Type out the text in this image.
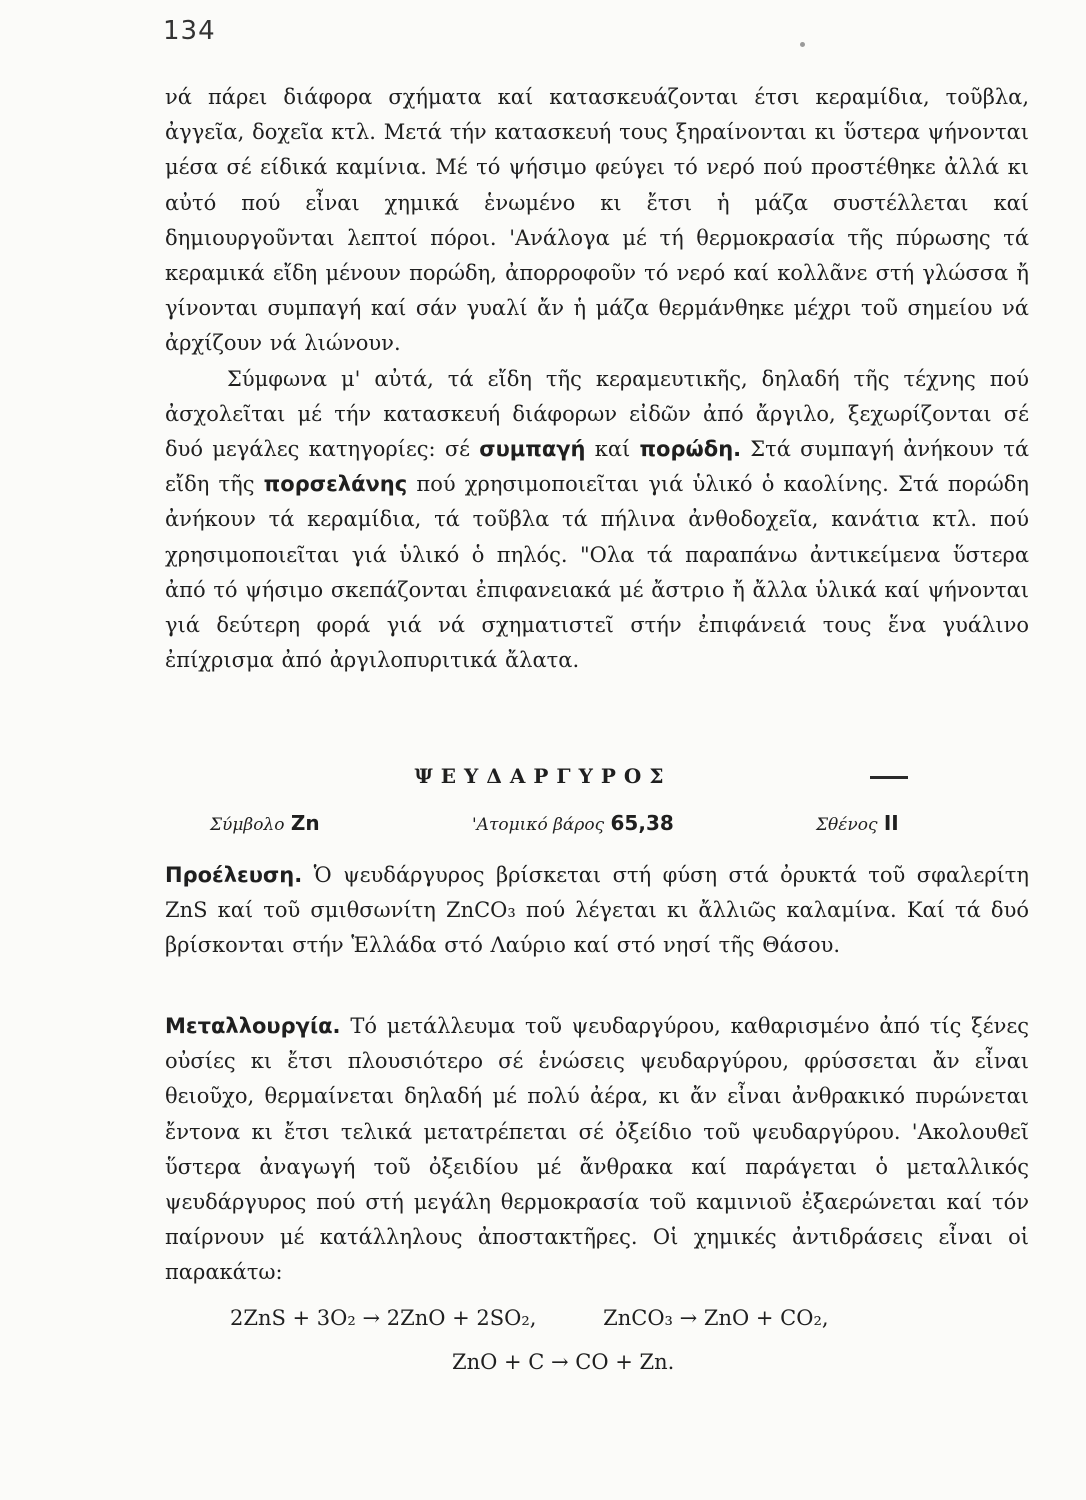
134
νά πάρει διάφορα σχήματα καί κατασκευάζονται έτσι κεραμίδια, τοῦβλα, ἀγγεῖα, δοχεῖα κτλ. Μετά τήν κατασκευή τους ξηραίνονται κι ὕστερα ψήνονται μέσα σέ είδικά καμίνια. Μέ τό ψήσιμο φεύγει τό νερό πού προστέθηκε ἀλλά κι αὐτό πού εἶναι χημικά ἑνωμένο κι ἔτσι ἡ μάζα συστέλλεται καί δημιουργοῦνται λεπτοί πόροι. 'Ανάλογα μέ τή θερμοκρασία τῆς πύρωσης τά κεραμικά εἴδη μένουν πορώδη, ἀπορροφοῦν τό νερό καί κολλᾶνε στή γλώσσα ἤ γίνονται συμπαγή καί σάν γυαλί ἄν ἡ μάζα θερμάνθηκε μέχρι τοῦ σημείου νά ἀρχίζουν νά λιώνουν.
Σύμφωνα μ' αὐτά, τά εἴδη τῆς κεραμευτικῆς, δηλαδή τῆς τέχνης πού ἀσχολεῖται μέ τήν κατασκευή διάφορων εἰδῶν ἀπό ἄργιλο, ξεχωρίζονται σέ δυό μεγάλες κατηγορίες: σέ συμπαγή καί πορώδη. Στά συμπαγή ἀνήκουν τά εἴδη τῆς πορσελάνης πού χρησιμοποιεῖται γιά ὑλικό ὁ καολίνης. Στά πορώδη ἀνήκουν τά κεραμίδια, τά τοῦβλα τά πήλινα ἀνθοδοχεῖα, κανάτια κτλ. πού χρησιμοποιεῖται γιά ὑλικό ὁ πηλός. "Ολα τά παραπάνω ἀντικείμενα ὕστερα ἀπό τό ψήσιμο σκεπάζονται ἐπιφανειακά μέ ἄστριο ἤ ἄλλα ὑλικά καί ψήνονται γιά δεύτερη φορά γιά νά σχηματιστεῖ στήν ἐπιφάνειά τους ἕνα γυάλινο ἐπίχρισμα ἀπό ἀργιλοπυριτικά ἄλατα.
ΨΕΥΔΑΡΓΥΡΟΣ
Σύμβολο Zn	'Ατομικό βάρος 65,38	Σθένος II
Προέλευση. Ὁ ψευδάργυρος βρίσκεται στή φύση στά ὀρυκτά τοῦ σφαλερίτη ZnS καί τοῦ σμιθσωνίτη ZnCO₃ πού λέγεται κι ἄλλιῶς καλαμίνα. Καί τά δυό βρίσκονται στήν Ἑλλάδα στό Λαύριο καί στό νησί τῆς Θάσου.
Μεταλλουργία. Τό μετάλλευμα τοῦ ψευδαργύρου, καθαρισμένο ἀπό τίς ξένες οὐσίες κι ἔτσι πλουσιότερο σέ ἑνώσεις ψευδαργύρου, φρύσσεται ἄν εἶναι θειοῦχο, θερμαίνεται δηλαδή μέ πολύ ἀέρα, κι ἄν εἶναι ἀνθρακικό πυρώνεται ἔντονα κι ἔτσι τελικά μετατρέπεται σέ ὀξείδιο τοῦ ψευδαργύρου. 'Ακολουθεῖ ὕστερα ἀναγωγή τοῦ ὀξειδίου μέ ἄνθρακα καί παράγεται ὁ μεταλλικός ψευδάργυρος πού στή μεγάλη θερμοκρασία τοῦ καμινιοῦ ἐξαερώνεται καί τόν παίρνουν μέ κατάλληλους ἀποστακτῆρες. Οἱ χημικές ἀντιδράσεις εἶναι οἱ παρακάτω:
2ZnS + 3O₂ → 2ZnO + 2SO₂,	ZnCO₃ → ZnO + CO₂,
ZnO + C → CO + Zn.
